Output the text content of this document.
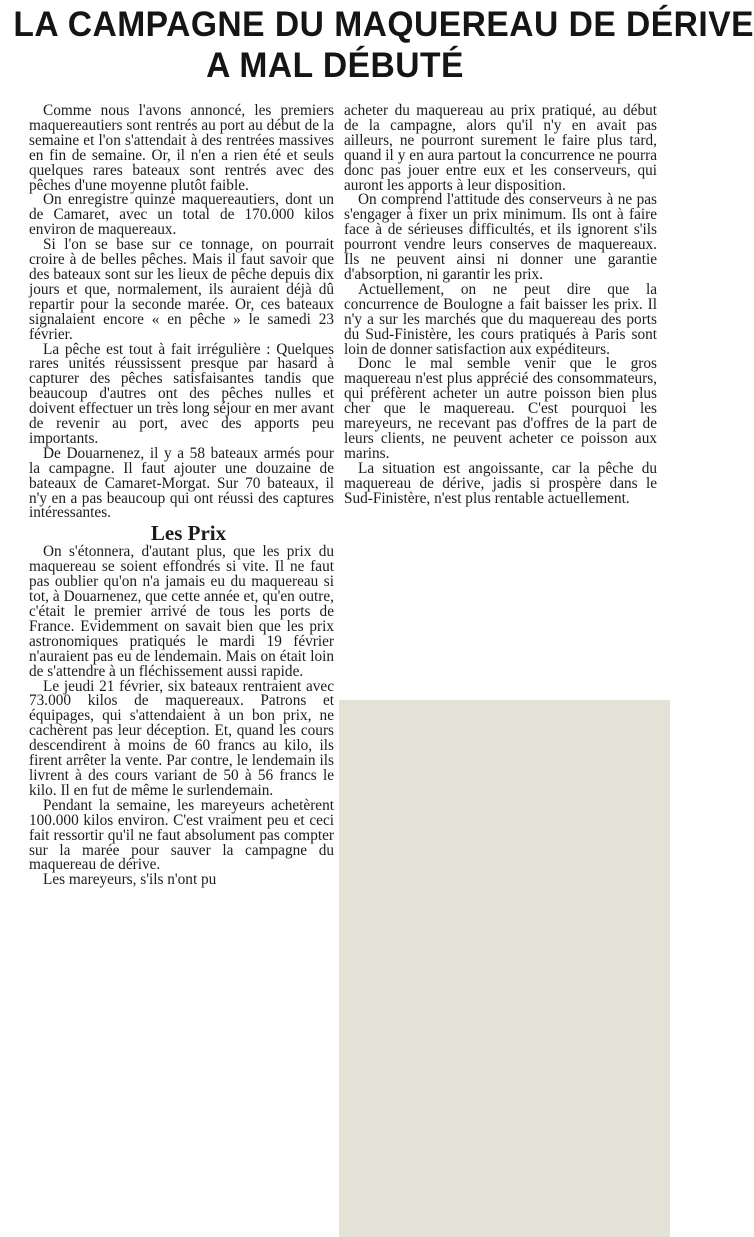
LA CAMPAGNE DU MAQUEREAU DE DÉRIVE
A MAL DÉBUTÉ

Comme nous l'avons annoncé, les premiers maquereautiers sont rentrés au port au début de la semaine et l'on s'attendait à des rentrées massives en fin de semaine. Or, il n'en a rien été et seuls quelques rares bateaux sont rentrés avec des pêches d'une moyenne plutôt faible.

On enregistre quinze maquereautiers, dont un de Camaret, avec un total de 170.000 kilos environ de maquereaux.

Si l'on se base sur ce tonnage, on pourrait croire à de belles pêches. Mais il faut savoir que des bateaux sont sur les lieux de pêche depuis dix jours et que, normalement, ils auraient déjà dû repartir pour la seconde marée. Or, ces bateaux signalaient encore « en pêche » le samedi 23 février.

La pêche est tout à fait irrégulière : Quelques rares unités réussissent presque par hasard à capturer des pêches satisfaisantes tandis que beaucoup d'autres ont des pêches nulles et doivent effectuer un très long séjour en mer avant de revenir au port, avec des apports peu importants.

De Douarnenez, il y a 58 bateaux armés pour la campagne. Il faut ajouter une douzaine de bateaux de Camaret-Morgat. Sur 70 bateaux, il n'y en a pas beaucoup qui ont réussi des captures intéressantes.

Les Prix

On s'étonnera, d'autant plus, que les prix du maquereau se soient effondrés si vite. Il ne faut pas oublier qu'on n'a jamais eu du maquereau si tot, à Douarnenez, que cette année et, qu'en outre, c'était le premier arrivé de tous les ports de France. Evidemment on savait bien que les prix astronomiques pratiqués le mardi 19 février n'auraient pas eu de lendemain. Mais on était loin de s'attendre à un fléchissement aussi rapide.

Le jeudi 21 février, six bateaux rentraient avec 73.000 kilos de maquereaux. Patrons et équipages, qui s'attendaient à un bon prix, ne cachèrent pas leur déception. Et, quand les cours descendirent à moins de 60 francs au kilo, ils firent arrêter la vente. Par contre, le lendemain ils livrent à des cours variant de 50 à 56 francs le kilo. Il en fut de même le surlendemain.

Pendant la semaine, les mareyeurs achetèrent 100.000 kilos environ. C'est vraiment peu et ceci fait ressortir qu'il ne faut absolument pas compter sur la marée pour sauver la campagne du maquereau de dérive.

Les mareyeurs, s'ils n'ont pu

acheter du maquereau au prix pratiqué, au début de la campagne, alors qu'il n'y en avait pas ailleurs, ne pourront surement le faire plus tard, quand il y en aura partout la concurrence ne pourra donc pas jouer entre eux et les conserveurs, qui auront les apports à leur disposition.

On comprend l'attitude des conserveurs à ne pas s'engager à fixer un prix minimum. Ils ont à faire face à de sérieuses difficultés, et ils ignorent s'ils pourront vendre leurs conserves de maquereaux. Ils ne peuvent ainsi ni donner une garantie d'absorption, ni garantir les prix.

Actuellement, on ne peut dire que la concurrence de Boulogne a fait baisser les prix. Il n'y a sur les marchés que du maquereau des ports du Sud-Finistère, les cours pratiqués à Paris sont loin de donner satisfaction aux expéditeurs.

Donc le mal semble venir que le gros maquereau n'est plus apprécié des consommateurs, qui préfèrent acheter un autre poisson bien plus cher que le maquereau. C'est pourquoi les mareyeurs, ne recevant pas d'offres de la part de leurs clients, ne peuvent acheter ce poisson aux marins.

La situation est angoissante, car la pêche du maquereau de dérive, jadis si prospère dans le Sud-Finistère, n'est plus rentable actuellement.
